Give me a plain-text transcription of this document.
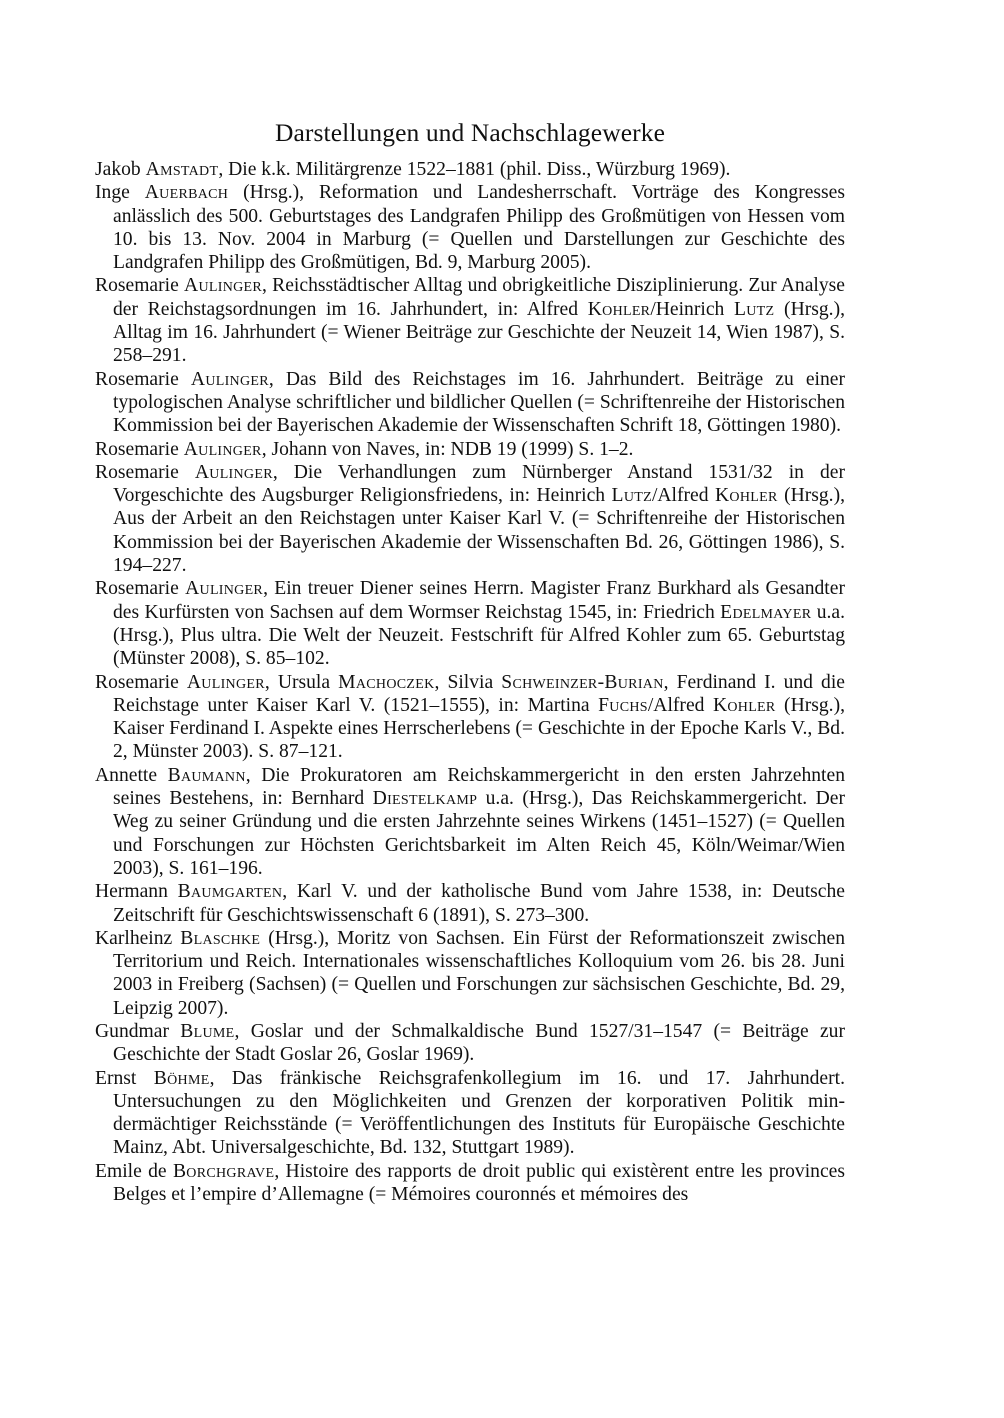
Darstellungen und Nachschlagewerke
Jakob Amstadt, Die k.k. Militärgrenze 1522–1881 (phil. Diss., Würzburg 1969).
Inge Auerbach (Hrsg.), Reformation und Landesherrschaft. Vorträge des Kongresses anlässlich des 500. Geburtstages des Landgrafen Philipp des Großmütigen von Hessen vom 10. bis 13. Nov. 2004 in Marburg (= Quellen und Darstellungen zur Geschichte des Landgrafen Philipp des Großmütigen, Bd. 9, Marburg 2005).
Rosemarie Aulinger, Reichsstädtischer Alltag und obrigkeitliche Disziplinierung. Zur Analyse der Reichstagsordnungen im 16. Jahrhundert, in: Alfred Kohler/Heinrich Lutz (Hrsg.), Alltag im 16. Jahrhundert (= Wiener Beiträge zur Geschichte der Neuzeit 14, Wien 1987), S. 258–291.
Rosemarie Aulinger, Das Bild des Reichstages im 16. Jahrhundert. Beiträge zu einer typologischen Analyse schriftlicher und bildlicher Quellen (= Schriftenreihe der Historischen Kommission bei der Bayerischen Akademie der Wissenschaften Schrift 18, Göttingen 1980).
Rosemarie Aulinger, Johann von Naves, in: NDB 19 (1999) S. 1–2.
Rosemarie Aulinger, Die Verhandlungen zum Nürnberger Anstand 1531/32 in der Vorgeschichte des Augsburger Religionsfriedens, in: Heinrich Lutz/Alfred Kohler (Hrsg.), Aus der Arbeit an den Reichstagen unter Kaiser Karl V. (= Schriftenreihe der Historischen Kommission bei der Bayerischen Akademie der Wissenschaften Bd. 26, Göttingen 1986), S. 194–227.
Rosemarie Aulinger, Ein treuer Diener seines Herrn. Magister Franz Burkhard als Gesandter des Kurfürsten von Sachsen auf dem Wormser Reichstag 1545, in: Friedrich Edelmayer u.a. (Hrsg.), Plus ultra. Die Welt der Neuzeit. Festschrift für Alfred Kohler zum 65. Geburtstag (Münster 2008), S. 85–102.
Rosemarie Aulinger, Ursula Machoczek, Silvia Schweinzer-Burian, Ferdinand I. und die Reichstage unter Kaiser Karl V. (1521–1555), in: Martina Fuchs/Alfred Kohler (Hrsg.), Kaiser Ferdinand I. Aspekte eines Herrscherlebens (= Geschichte in der Epoche Karls V., Bd. 2, Münster 2003). S. 87–121.
Annette Baumann, Die Prokuratoren am Reichskammergericht in den ersten Jahrzehnten seines Bestehens, in: Bernhard Diestelkamp u.a. (Hrsg.), Das Reichskammergericht. Der Weg zu seiner Gründung und die ersten Jahrzehnte seines Wirkens (1451–1527) (= Quellen und Forschungen zur Höchsten Gerichtsbarkeit im Alten Reich 45, Köln/Weimar/Wien 2003), S. 161–196.
Hermann Baumgarten, Karl V. und der katholische Bund vom Jahre 1538, in: Deutsche Zeitschrift für Geschichtswissenschaft 6 (1891), S. 273–300.
Karlheinz Blaschke (Hrsg.), Moritz von Sachsen. Ein Fürst der Reformationszeit zwischen Territorium und Reich. Internationales wissenschaftliches Kolloquium vom 26. bis 28. Juni 2003 in Freiberg (Sachsen) (= Quellen und Forschungen zur sächsischen Geschichte, Bd. 29, Leipzig 2007).
Gundmar Blume, Goslar und der Schmalkaldische Bund 1527/31–1547 (= Beiträge zur Geschichte der Stadt Goslar 26, Goslar 1969).
Ernst Böhme, Das fränkische Reichsgrafenkollegium im 16. und 17. Jahrhundert. Untersuchungen zu den Möglichkeiten und Grenzen der korporativen Politik mindermächtiger Reichsstände (= Veröffentlichungen des Instituts für Europäische Geschichte Mainz, Abt. Universalgeschichte, Bd. 132, Stuttgart 1989).
Emile de Borchgrave, Histoire des rapports de droit public qui existèrent entre les provinces Belges et l’empire d’Allemagne (= Mémoires couronnés et mémoires des
